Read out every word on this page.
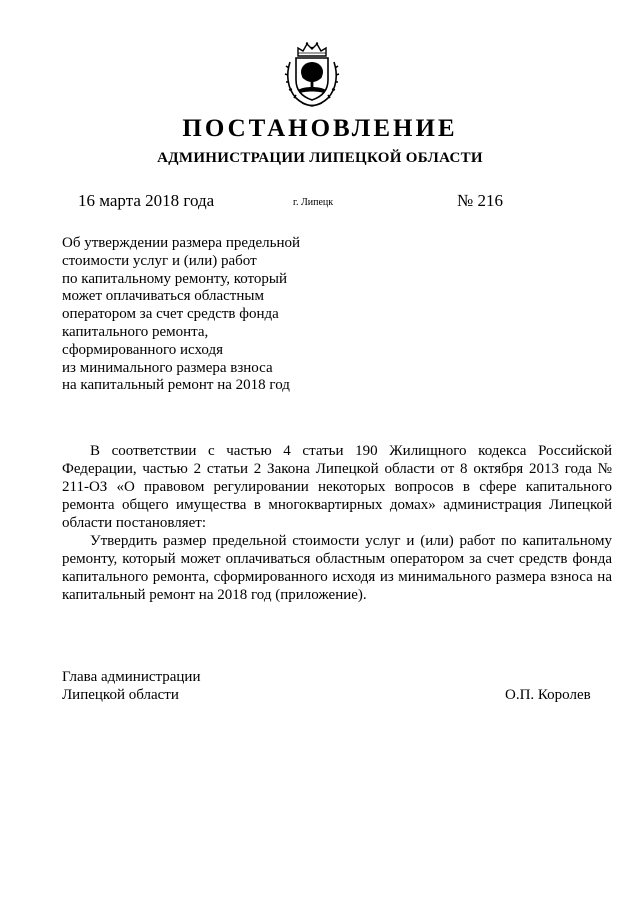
ПОСТАНОВЛЕНИЕ
АДМИНИСТРАЦИИ ЛИПЕЦКОЙ ОБЛАСТИ
16 марта 2018 года	г. Липецк	№ 216
Об утверждении размера предельной
стоимости услуг и (или) работ
по капитальному ремонту, который
может оплачиваться областным
оператором за счет средств фонда
капитального ремонта,
сформированного исходя
из минимального размера взноса
на капитальный ремонт на 2018 год

В соответствии с частью 4 статьи 190 Жилищного кодекса Российской Федерации, частью 2 статьи 2 Закона Липецкой области от 8 октября 2013 года № 211-ОЗ «О правовом регулировании некоторых вопросов в сфере капитального ремонта общего имущества в многоквартирных домах» администрация Липецкой области постановляет:

Утвердить размер предельной стоимости услуг и (или) работ по капитальному ремонту, который может оплачиваться областным оператором за счет средств фонда капитального ремонта, сформированного исходя из минимального размера взноса на капитальный ремонт на 2018 год (приложение).

Глава администрации
Липецкой области	О.П. Королев
